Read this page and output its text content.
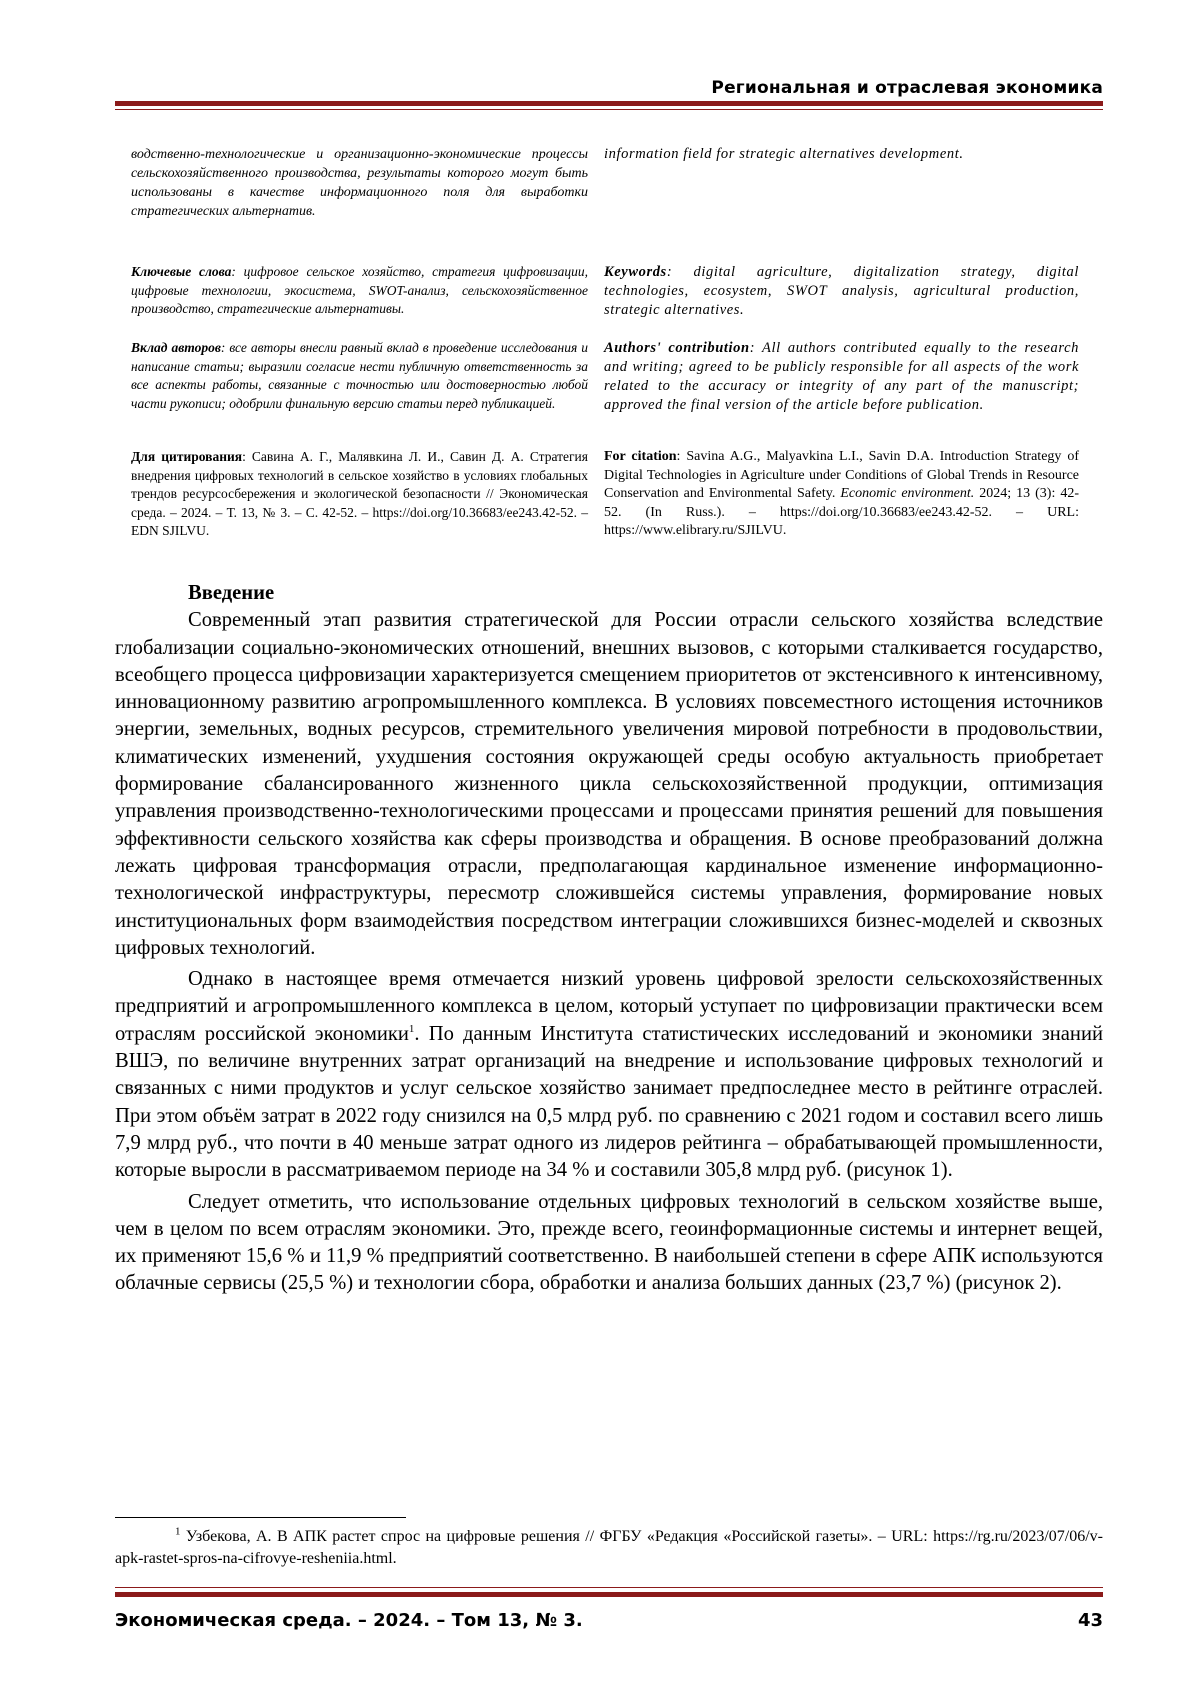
Региональная и отраслевая экономика

водственно-технологические и организационно-экономические процессы сельскохозяйственного производства, результаты которого могут быть использованы в качестве информационного поля для выработки стратегических альтернатив.

Ключевые слова: цифровое сельское хозяйство, стратегия цифровизации, цифровые технологии, экосистема, SWOT-анализ, сельскохозяйственное производство, стратегические альтернативы.

Вклад авторов: все авторы внесли равный вклад в проведение исследования и написание статьи; выразили согласие нести публичную ответственность за все аспекты работы, связанные с точностью или достоверностью любой части рукописи; одобрили финальную версию статьи перед публикацией.

Для цитирования: Савина А. Г., Малявкина Л. И., Савин Д. А. Стратегия внедрения цифровых технологий в сельское хозяйство в условиях глобальных трендов ресурсосбережения и экологической безопасности // Экономическая среда. – 2024. – Т. 13, № 3. – С. 42-52. – https://doi.org/10.36683/ee243.42-52. – EDN SJILVU.

information field for strategic alternatives development.

Keywords: digital agriculture, digitalization strategy, digital technologies, ecosystem, SWOT analysis, agricultural production, strategic alternatives.

Authors' contribution: All authors contributed equally to the research and writing; agreed to be publicly responsible for all aspects of the work related to the accuracy or integrity of any part of the manuscript; approved the final version of the article before publication.

For citation: Savina A.G., Malyavkina L.I., Savin D.A. Introduction Strategy of Digital Technologies in Agriculture under Conditions of Global Trends in Resource Conservation and Environmental Safety. Economic environment. 2024; 13 (3): 42-52. (In Russ.). – https://doi.org/10.36683/ee243.42-52. – URL: https://www.elibrary.ru/SJILVU.

Введение

Современный этап развития стратегической для России отрасли сельского хозяйства вследствие глобализации социально-экономических отношений, внешних вызовов, с которыми сталкивается государство, всеобщего процесса цифровизации характеризуется смещением приоритетов от экстенсивного к интенсивному, инновационному развитию агропромышленного комплекса. В условиях повсеместного истощения источников энергии, земельных, водных ресурсов, стремительного увеличения мировой потребности в продовольствии, климатических изменений, ухудшения состояния окружающей среды особую актуальность приобретает формирование сбалансированного жизненного цикла сельскохозяйственной продукции, оптимизация управления производственно-технологическими процессами и процессами принятия решений для повышения эффективности сельского хозяйства как сферы производства и обращения. В основе преобразований должна лежать цифровая трансформация отрасли, предполагающая кардинальное изменение информационно-технологической инфраструктуры, пересмотр сложившейся системы управления, формирование новых институциональных форм взаимодействия посредством интеграции сложившихся бизнес-моделей и сквозных цифровых технологий.

Однако в настоящее время отмечается низкий уровень цифровой зрелости сельскохозяйственных предприятий и агропромышленного комплекса в целом, который уступает по цифровизации практически всем отраслям российской экономики$^1$. По данным Института статистических исследований и экономики знаний ВШЭ, по величине внутренних затрат организаций на внедрение и использование цифровых технологий и связанных с ними продуктов и услуг сельское хозяйство занимает предпоследнее место в рейтинге отраслей. При этом объём затрат в 2022 году снизился на 0,5 млрд руб. по сравнению с 2021 годом и составил всего лишь 7,9 млрд руб., что почти в 40 меньше затрат одного из лидеров рейтинга – обрабатывающей промышленности, которые выросли в рассматриваемом периоде на 34 % и составили 305,8 млрд руб. (рисунок 1).

Следует отметить, что использование отдельных цифровых технологий в сельском хозяйстве выше, чем в целом по всем отраслям экономики. Это, прежде всего, геоинформационные системы и интернет вещей, их применяют 15,6 % и 11,9 % предприятий соответственно. В наибольшей степени в сфере АПК используются облачные сервисы (25,5 %) и технологии сбора, обработки и анализа больших данных (23,7 %) (рисунок 2).

$^1$ Узбекова, А. В АПК растет спрос на цифровые решения // ФГБУ «Редакция «Российской газеты». – URL: https://rg.ru/2023/07/06/v-apk-rastet-spros-na-cifrovye-resheniia.html.
Экономическая среда. – 2024. – Том 13, № 3.	43
